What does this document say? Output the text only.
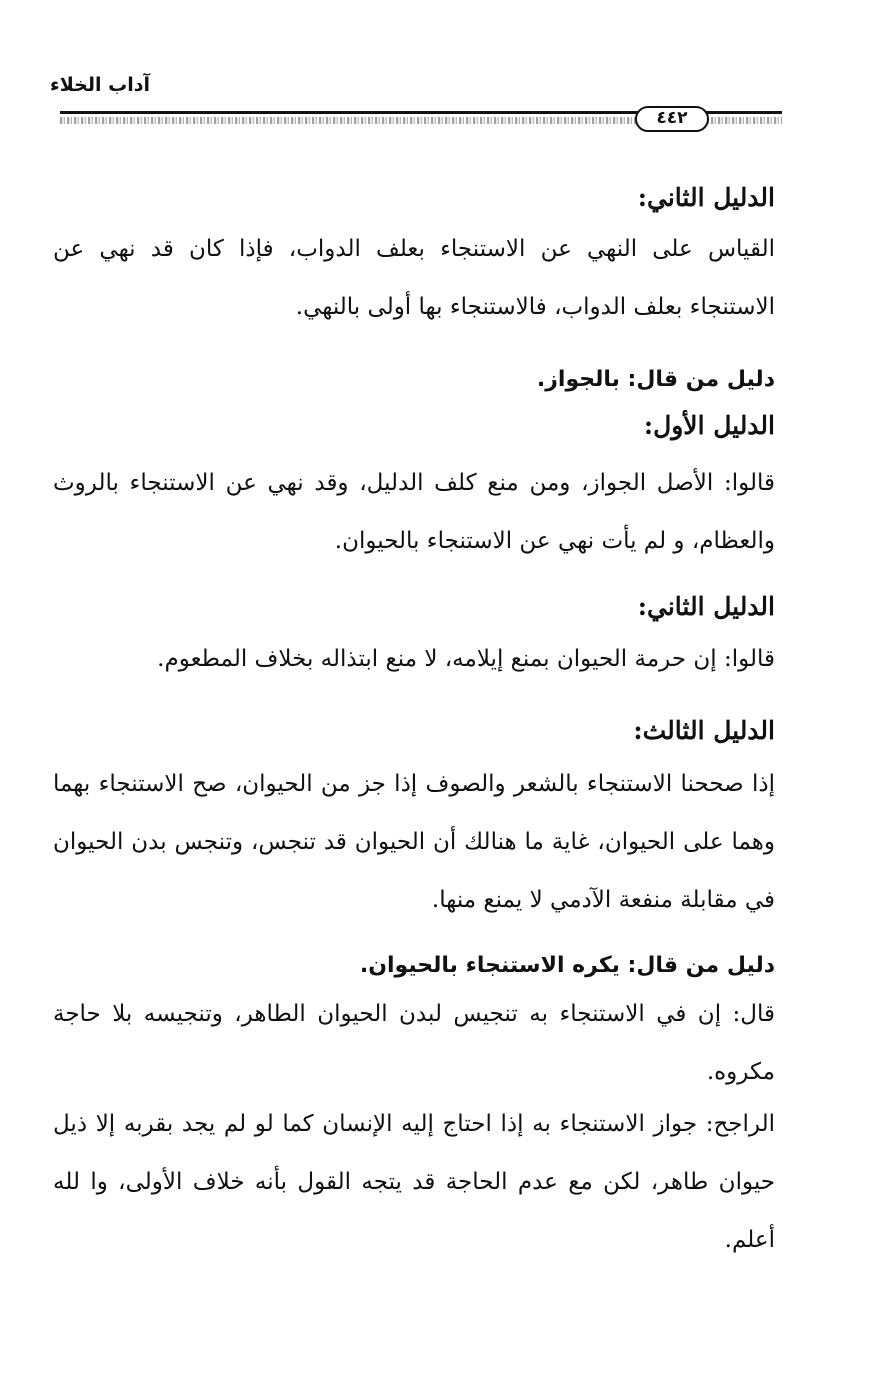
آداب الخلاء
٤٤٢
الدليل الثاني:
القياس على النهي عن الاستنجاء بعلف الدواب، فإذا كان قد نهي عن الاستنجاء بعلف الدواب، فالاستنجاء بها أولى بالنهي.
دليل من قال: بالجواز.
الدليل الأول:
قالوا: الأصل الجواز، ومن منع كلف الدليل، وقد نهي عن الاستنجاء بالروث والعظام، و لم يأت نهي عن الاستنجاء بالحيوان.
الدليل الثاني:
قالوا: إن حرمة الحيوان بمنع إيلامه، لا منع ابتذاله بخلاف المطعوم.
الدليل الثالث:
إذا صححنا الاستنجاء بالشعر والصوف إذا جز من الحيوان، صح الاستنجاء بهما وهما على الحيوان، غاية ما هنالك أن الحيوان قد تنجس، وتنجس بدن الحيوان في مقابلة منفعة الآدمي لا يمنع منها.
دليل من قال: يكره الاستنجاء بالحيوان.
قال: إن في الاستنجاء به تنجيس لبدن الحيوان الطاهر، وتنجيسه بلا حاجة مكروه.
الراجح: جواز الاستنجاء به إذا احتاج إليه الإنسان كما لو لم يجد بقربه إلا ذيل حيوان طاهر، لكن مع عدم الحاجة قد يتجه القول بأنه خلاف الأولى، وا لله أعلم.
